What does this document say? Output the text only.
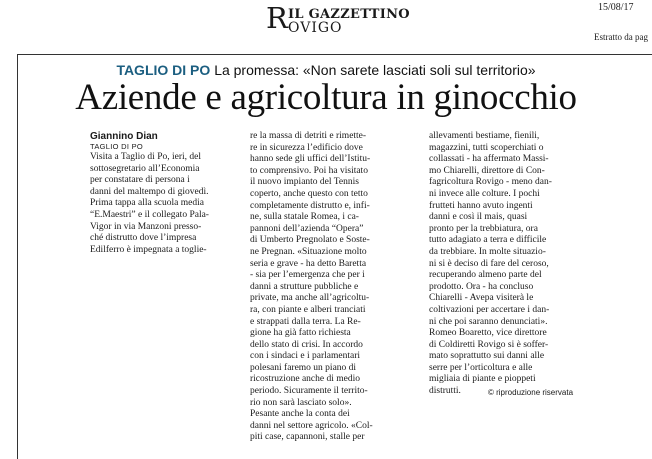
15/08/17
Estratto da pag
R IL GAZZETTINO
OVIGO
TAGLIO DI PO La promessa: «Non sarete lasciati soli sul territorio»
Aziende e agricoltura in ginocchio
Giannino Dian
TAGLIO DI PO
Visita a Taglio di Po, ieri, del
sottosegretario all’Economia
per constatare di persona i
danni del maltempo di giovedì.
Prima tappa alla scuola media
“E.Maestri” e il collegato Pala-
Vigor in via Manzoni presso-
ché distrutto dove l’impresa
Edilferro è impegnata a toglie-
re la massa di detriti e rimette-
re in sicurezza l’edificio dove
hanno sede gli uffici dell’Istitu-
to comprensivo. Poi ha visitato
il nuovo impianto del Tennis
coperto, anche questo con tetto
completamente distrutto e, infi-
ne, sulla statale Romea, i ca-
pannoni dell’azienda “Opera”
di Umberto Pregnolato e Soste-
ne Pregnan. «Situazione molto
seria e grave - ha detto Baretta
- sia per l’emergenza che per i
danni a strutture pubbliche e
private, ma anche all’agricoltu-
ra, con piante e alberi tranciati
e strappati dalla terra. La Re-
gione ha già fatto richiesta
dello stato di crisi. In accordo
con i sindaci e i parlamentari
polesani faremo un piano di
ricostruzione anche di medio
periodo. Sicuramente il territo-
rio non sarà lasciato solo».
Pesante anche la conta dei
danni nel settore agricolo. «Col-
piti case, capannoni, stalle per
allevamenti bestiame, fienili,
magazzini, tutti scoperchiati o
collassati - ha affermato Massi-
mo Chiarelli, direttore di Con-
fagricoltura Rovigo - meno dan-
ni invece alle colture. I pochi
frutteti hanno avuto ingenti
danni e così il mais, quasi
pronto per la trebbiatura, ora
tutto adagiato a terra e difficile
da trebbiare. In molte situazio-
ni si è deciso di fare del ceroso,
recuperando almeno parte del
prodotto. Ora - ha concluso
Chiarelli - Avepa visiterà le
coltivazioni per accertare i dan-
ni che poi saranno denunciati».
Romeo Boaretto, vice direttore
di Coldiretti Rovigo si è soffer-
mato soprattutto sui danni alle
serre per l’orticoltura e alle
migliaia di piante e pioppeti
distrutti.	© riproduzione riservata
